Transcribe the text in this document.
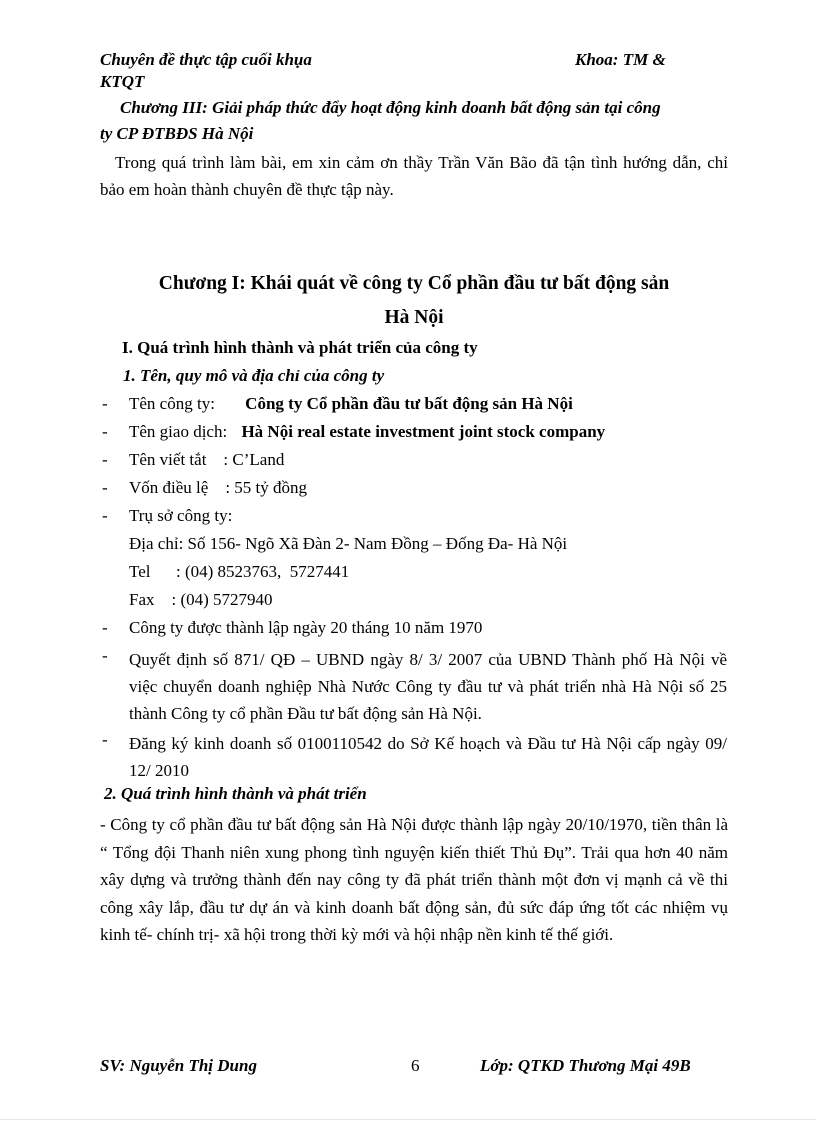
Chuyên đề thực tập cuối khụa	Khoa: TM &
KTQT
Chương III: Giải pháp thức đẩy hoạt động kinh doanh bất động sản tại công
ty CP ĐTBĐS Hà Nội
Trong quá trình làm bài, em xin cảm ơn thầy Trần Văn Bão đã tận tình hướng dẫn, chỉ bảo em hoàn thành chuyên đề thực tập này.
Chương I: Khái quát về công ty Cổ phần đầu tư bất động sản
Hà Nội
I. Quá trình hình thành và phát triển của công ty
1. Tên, quy mô và địa chỉ của công ty
- Tên công ty: Công ty Cổ phần đầu tư bất động sản Hà Nội
- Tên giao dịch: Hà Nội real estate investment joint stock company
- Tên viết tắt    : C’Land
- Vốn điều lệ    : 55 tỷ đồng
- Trụ sở công ty:
Địa chỉ: Số 156- Ngõ Xã Đàn 2- Nam Đồng – Đống Đa- Hà Nội
Tel      : (04) 8523763,  5727441
Fax    : (04) 5727940
- Công ty được thành lập ngày 20 tháng 10 năm 1970
- Quyết định số 871/ QĐ – UBND ngày 8/ 3/ 2007 của UBND Thành phố Hà Nội về việc chuyển doanh nghiệp Nhà Nước Công ty đầu tư và phát triển nhà Hà Nội số 25 thành Công ty cổ phần Đầu tư bất động sản Hà Nội.
- Đăng ký kinh doanh số 0100110542 do Sở Kế hoạch và Đầu tư Hà Nội cấp ngày 09/ 12/ 2010
2. Quá trình hình thành và phát triển
- Công ty cổ phần đầu tư bất động sản Hà Nội được thành lập ngày 20/10/1970, tiền thân là “ Tổng đội Thanh niên xung phong tình nguyện kiến thiết Thủ Đụ”. Trải qua hơn 40 năm xây dựng và trưởng thành đến nay công ty đã phát triển thành một đơn vị mạnh cả về thi công xây lắp, đầu tư dự án và kinh doanh bất động sản, đủ sức đáp ứng tốt các nhiệm vụ kinh tế- chính trị- xã hội trong thời kỳ mới và hội nhập nền kinh tế thế giới.
SV: Nguyễn Thị Dung	6	Lớp: QTKD Thương Mại 49B
